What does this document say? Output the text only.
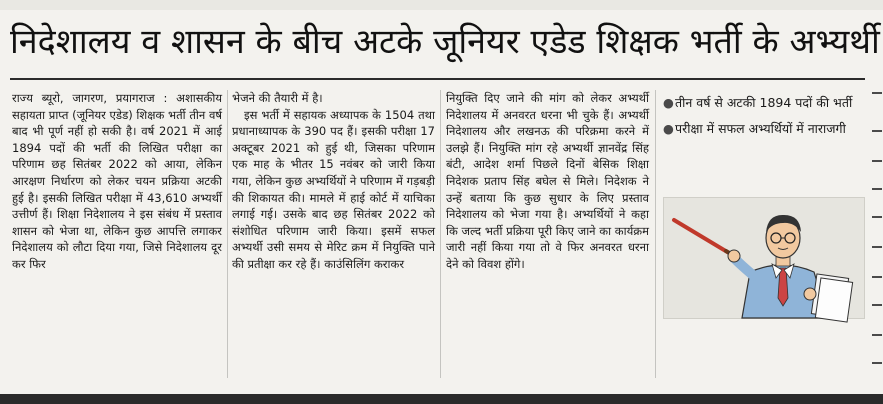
निदेशालय व शासन के बीच अटके जूनियर एडेड शिक्षक भर्ती के अभ्यर्थी

राज्य ब्यूरो, जागरण, प्रयागराज : अशासकीय सहायता प्राप्त (जूनियर एडेड) शिक्षक भर्ती तीन वर्ष बाद भी पूर्ण नहीं हो सकी है। वर्ष 2021 में आई 1894 पदों की भर्ती की लिखित परीक्षा का परिणाम छह सितंबर 2022 को आया, लेकिन आरक्षण निर्धारण को लेकर चयन प्रक्रिया अटकी हुई है। इसकी लिखित परीक्षा में 43,610 अभ्यर्थी उत्तीर्ण हैं। शिक्षा निदेशालय ने इस संबंध में प्रस्ताव शासन को भेजा था, लेकिन कुछ आपत्ति लगाकर निदेशालय को लौटा दिया गया, जिसे निदेशालय दूर कर फिर

भेजने की तैयारी में है।

इस भर्ती में सहायक अध्यापक के 1504 तथा प्रधानाध्यापक के 390 पद हैं। इसकी परीक्षा 17 अक्टूबर 2021 को हुई थी, जिसका परिणाम एक माह के भीतर 15 नवंबर को जारी किया गया, लेकिन कुछ अभ्यर्थियों ने परिणाम में गड़बड़ी की शिकायत की। मामले में हाई कोर्ट में याचिका लगाई गई। उसके बाद छह सितंबर 2022 को संशोधित परिणाम जारी किया। इसमें सफल अभ्यर्थी उसी समय से मेरिट क्रम में नियुक्ति पाने की प्रतीक्षा कर रहे हैं। काउंसिलिंग कराकर

नियुक्ति दिए जाने की मांग को लेकर अभ्यर्थी निदेशालय में अनवरत धरना भी चुके हैं। अभ्यर्थी निदेशालय और लखनऊ की परिक्रमा करने में उलझे हैं। नियुक्ति मांग रहे अभ्यर्थी ज्ञानवेंद्र सिंह बंटी, आदेश शर्मा पिछले दिनों बेसिक शिक्षा निदेशक प्रताप सिंह बघेल से मिले। निदेशक ने उन्हें बताया कि कुछ सुधार के लिए प्रस्ताव निदेशालय को भेजा गया है। अभ्यर्थियों ने कहा कि जल्द भर्ती प्रक्रिया पूरी किए जाने का कार्यक्रम जारी नहीं किया गया तो वे फिर अनवरत धरना देने को विवश होंगे।

● तीन वर्ष से अटकी 1894 पदों की भर्ती
● परीक्षा में सफल अभ्यर्थियों में नाराजगी
